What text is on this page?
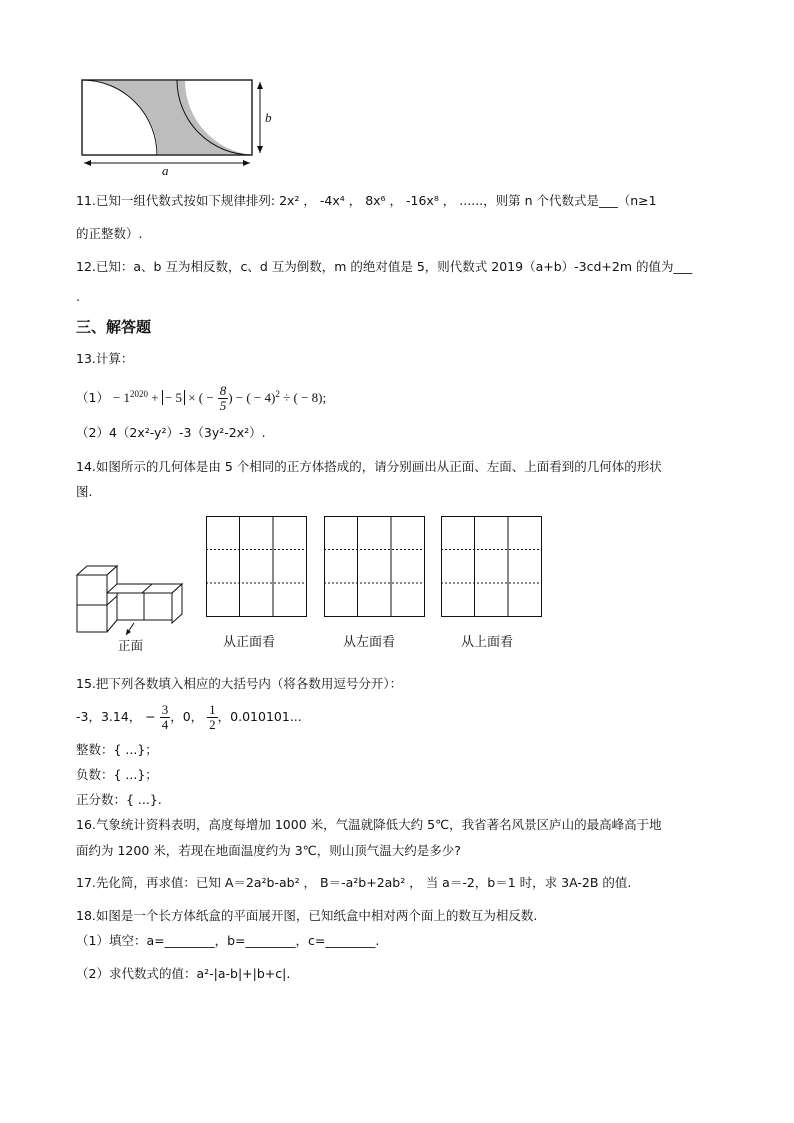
a
b
11.已知一组代数式按如下规律排列: 2x² ， -4x⁴ ， 8x⁶ ， -16x⁸ ， ......，则第 n 个代数式是___（n≥1
的正整数）.
12.已知：a、b 互为相反数，c、d 互为倒数，m 的绝对值是 5，则代数式 2019（a+b）-3cd+2m 的值为___
.
三、解答题
13.计算：
$(1) - 1^{2020}$ + − 5 × ( − $\frac{8}{5}$ ) − ( − 4)$^2$ ÷ ( − 8);
（2）4（2x²-y²）-3（3y²-2x²）.
14.如图所示的几何体是由 5 个相同的正方体搭成的，请分别画出从正面、左面、上面看到的几何体的形状
图.
正面	从正面看	从左面看	从上面看
15.把下列各数填入相应的大括号内（将各数用逗号分开）：
-3，3.14， − $\frac{3}{4}$ ，0， $\frac{1}{2}$ ，0.010101...
整数：{ ...}；
负数：{ ...}；
正分数：{ ...}.
16.气象统计资料表明，高度每增加 1000 米，气温就降低大约 5℃，我省著名风景区庐山的最高峰高于地
面约为 1200 米，若现在地面温度约为 3℃，则山顶气温大约是多少?
17.先化简，再求值：已知 A＝2a²b-ab² ， B＝-a²b+2ab² ， 当 a＝-2，b＝1 时，求 3A-2B 的值.
18.如图是一个长方体纸盒的平面展开图，已知纸盒中相对两个面上的数互为相反数.
（1）填空：a=________，b=________，c=________.
（2）求代数式的值：a²-|a-b|+|b+c|.
